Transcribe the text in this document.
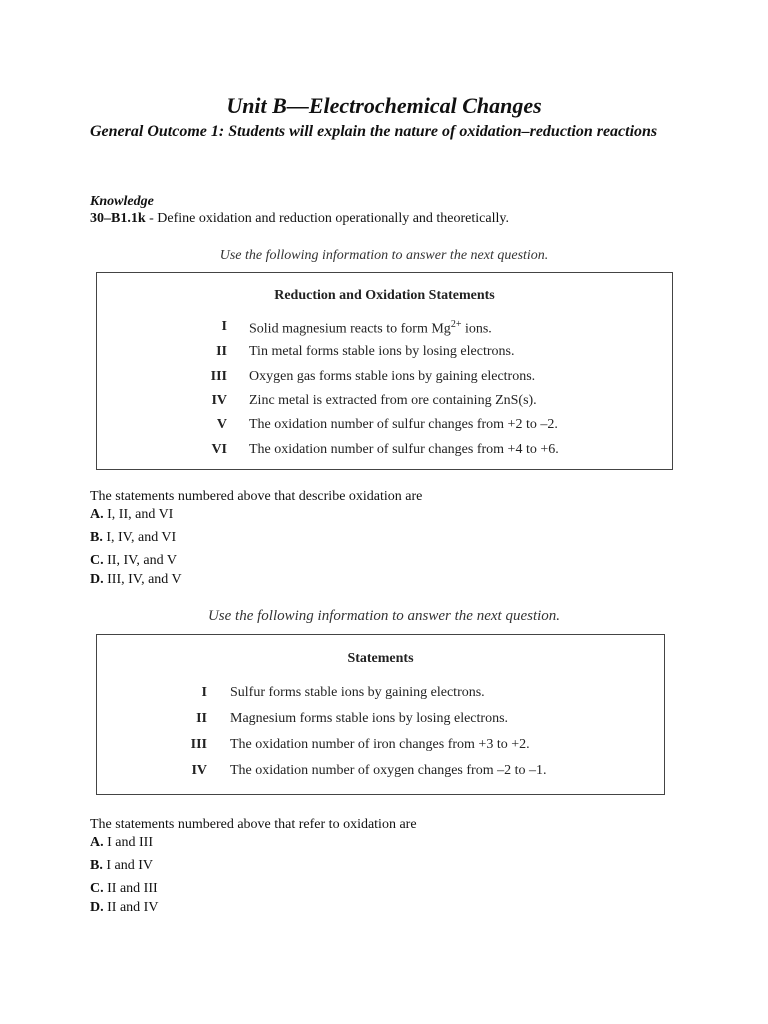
Unit B—Electrochemical Changes
General Outcome 1: Students will explain the nature of oxidation–reduction reactions
Knowledge
30–B1.1k - Define oxidation and reduction operationally and theoretically.
Use the following information to answer the next question.
Reduction and Oxidation Statements
I Solid magnesium reacts to form $Mg^{2+}$ ions.
II Tin metal forms stable ions by losing electrons.
III Oxygen gas forms stable ions by gaining electrons.
IV Zinc metal is extracted from ore containing ZnS(s).
V The oxidation number of sulfur changes from +2 to –2.
VI The oxidation number of sulfur changes from +4 to +6.
The statements numbered above that describe oxidation are
A. I, II, and VI
B. I, IV, and VI
C. II, IV, and V
D. III, IV, and V
Use the following information to answer the next question.
Statements
I Sulfur forms stable ions by gaining electrons.
II Magnesium forms stable ions by losing electrons.
III The oxidation number of iron changes from +3 to +2.
IV The oxidation number of oxygen changes from –2 to –1.
The statements numbered above that refer to oxidation are
A. I and III
B. I and IV
C. II and III
D. II and IV
